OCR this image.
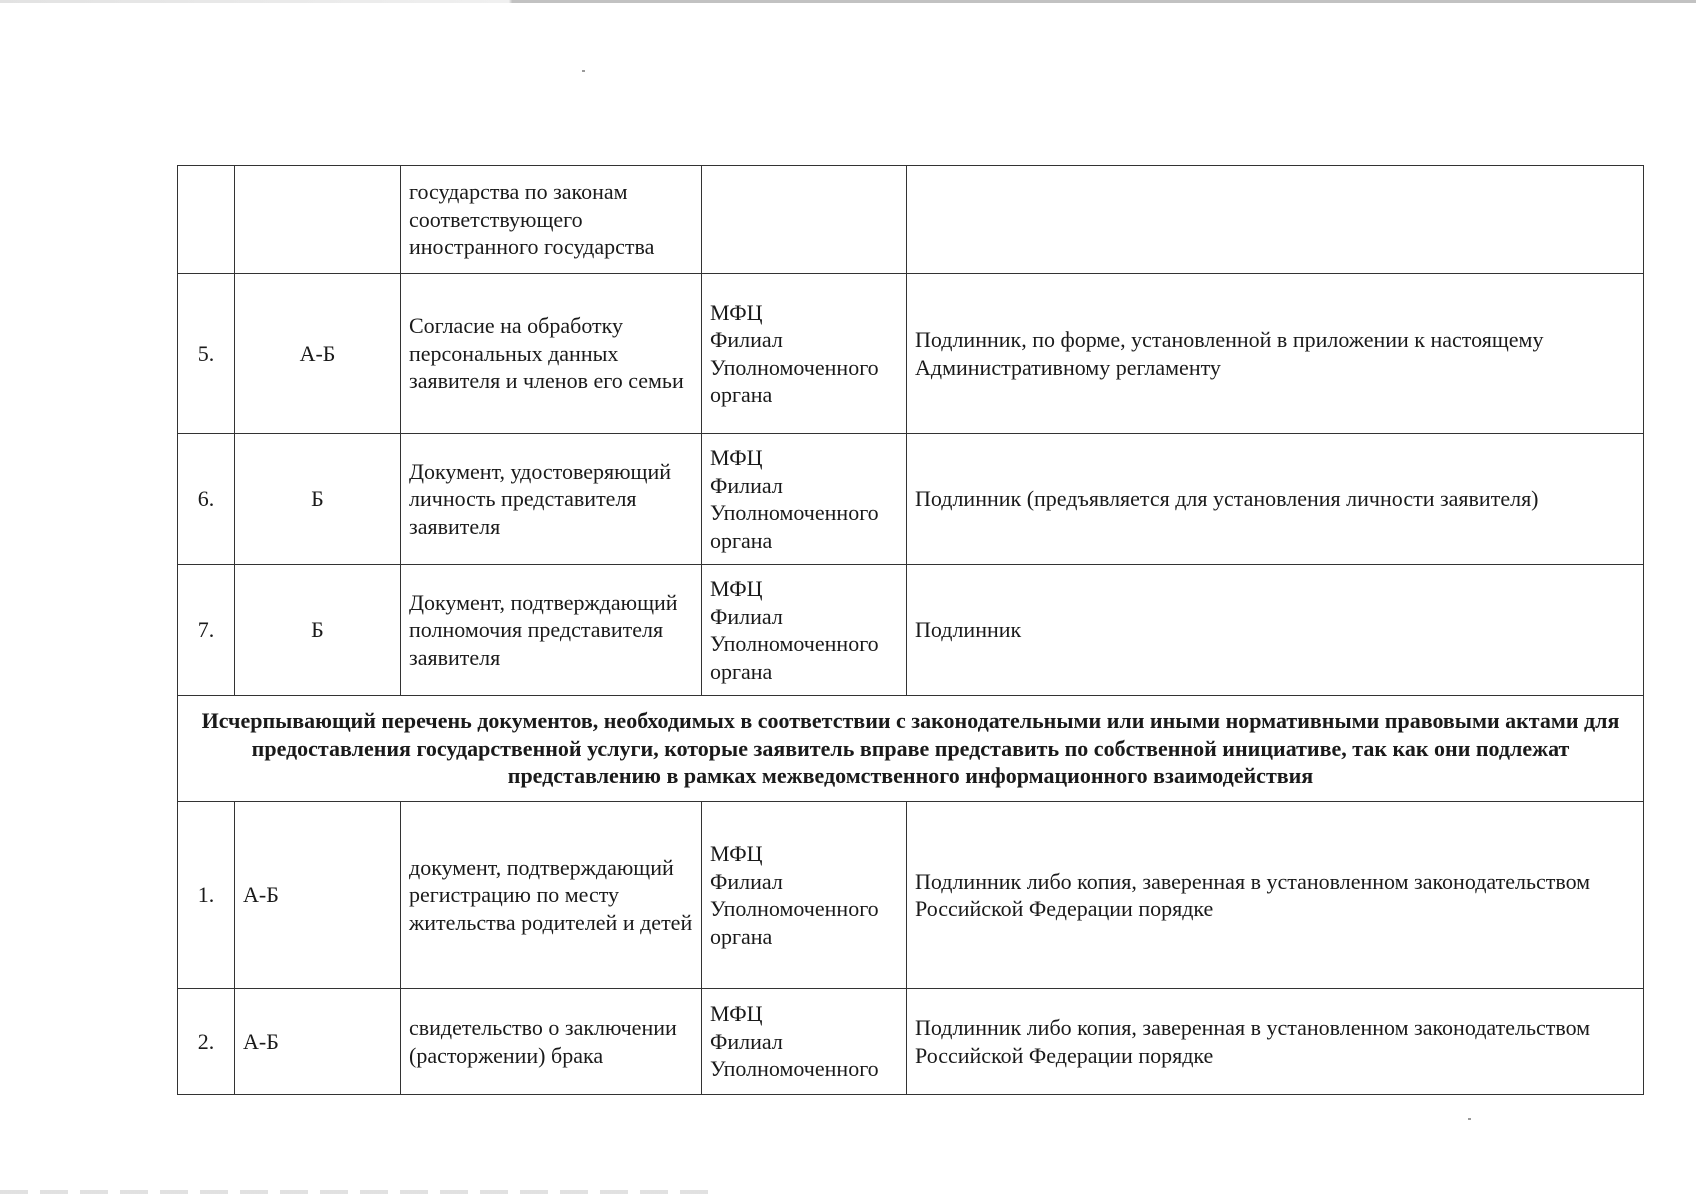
		государства по законам соответствующего иностранного государства		
5.	А-Б	Согласие на обработку персональных данных заявителя и членов его семьи	МФЦ
Филиал
Уполномоченного
органа	Подлинник, по форме, установленной в приложении к настоящему Административному регламенту
6.	Б	Документ, удостоверяющий личность представителя заявителя	МФЦ
Филиал
Уполномоченного
органа	Подлинник (предъявляется для установления личности заявителя)
7.	Б	Документ, подтверждающий полномочия представителя заявителя	МФЦ
Филиал
Уполномоченного
органа	Подлинник
Исчерпывающий перечень документов, необходимых в соответствии с законодательными или иными нормативными правовыми актами для предоставления государственной услуги, которые заявитель вправе представить по собственной инициативе, так как они подлежат представлению в рамках межведомственного информационного взаимодействия				
1.	А-Б	документ, подтверждающий регистрацию по месту жительства родителей и детей	МФЦ
Филиал
Уполномоченного
органа	Подлинник либо копия, заверенная в установленном законодательством Российской Федерации порядке
2.	А-Б	свидетельство о заключении (расторжении) брака	МФЦ
Филиал
Уполномоченного	Подлинник либо копия, заверенная в установленном законодательством Российской Федерации порядке
